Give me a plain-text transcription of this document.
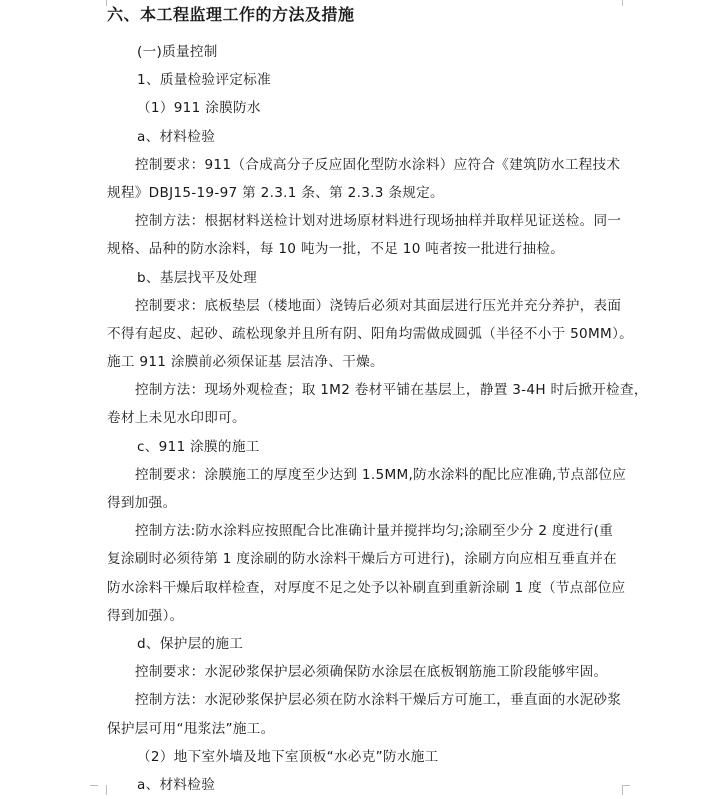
六、本工程监理工作的方法及措施
(一)质量控制
1、质量检验评定标准
（1）911 涂膜防水
a、材料检验
控制要求：911（合成高分子反应固化型防水涂料）应符合《建筑防水工程技术
规程》DBJ15-19-97 第 2.3.1 条、第 2.3.3 条规定。
控制方法：根据材料送检计划对进场原材料进行现场抽样并取样见证送检。同一
规格、品种的防水涂料，每 10 吨为一批，不足 10 吨者按一批进行抽检。
b、基层找平及处理
控制要求：底板垫层（楼地面）浇铸后必须对其面层进行压光并充分养护，表面
不得有起皮、起砂、疏松现象并且所有阴、阳角均需做成圆弧（半径不小于 50MM）。
施工 911 涂膜前必须保证基 层洁净、干燥。
控制方法：现场外观检查；取 1M2 卷材平铺在基层上，静置 3-4H 时后掀开检查，
卷材上未见水印即可。
c、911 涂膜的施工
控制要求：涂膜施工的厚度至少达到 1.5MM,防水涂料的配比应准确,节点部位应
得到加强。
控制方法:防水涂料应按照配合比准确计量并搅拌均匀;涂刷至少分 2 度进行(重
复涂刷时必须待第 1 度涂刷的防水涂料干燥后方可进行)，涂刷方向应相互垂直并在
防水涂料干燥后取样检查，对厚度不足之处予以补刷直到重新涂刷 1 度（节点部位应
得到加强）。
d、保护层的施工
控制要求：水泥砂浆保护层必须确保防水涂层在底板钢筋施工阶段能够牢固。
控制方法：水泥砂浆保护层必须在防水涂料干燥后方可施工，垂直面的水泥砂浆
保护层可用“甩浆法”施工。
（2）地下室外墙及地下室顶板“水必克”防水施工
a、材料检验
